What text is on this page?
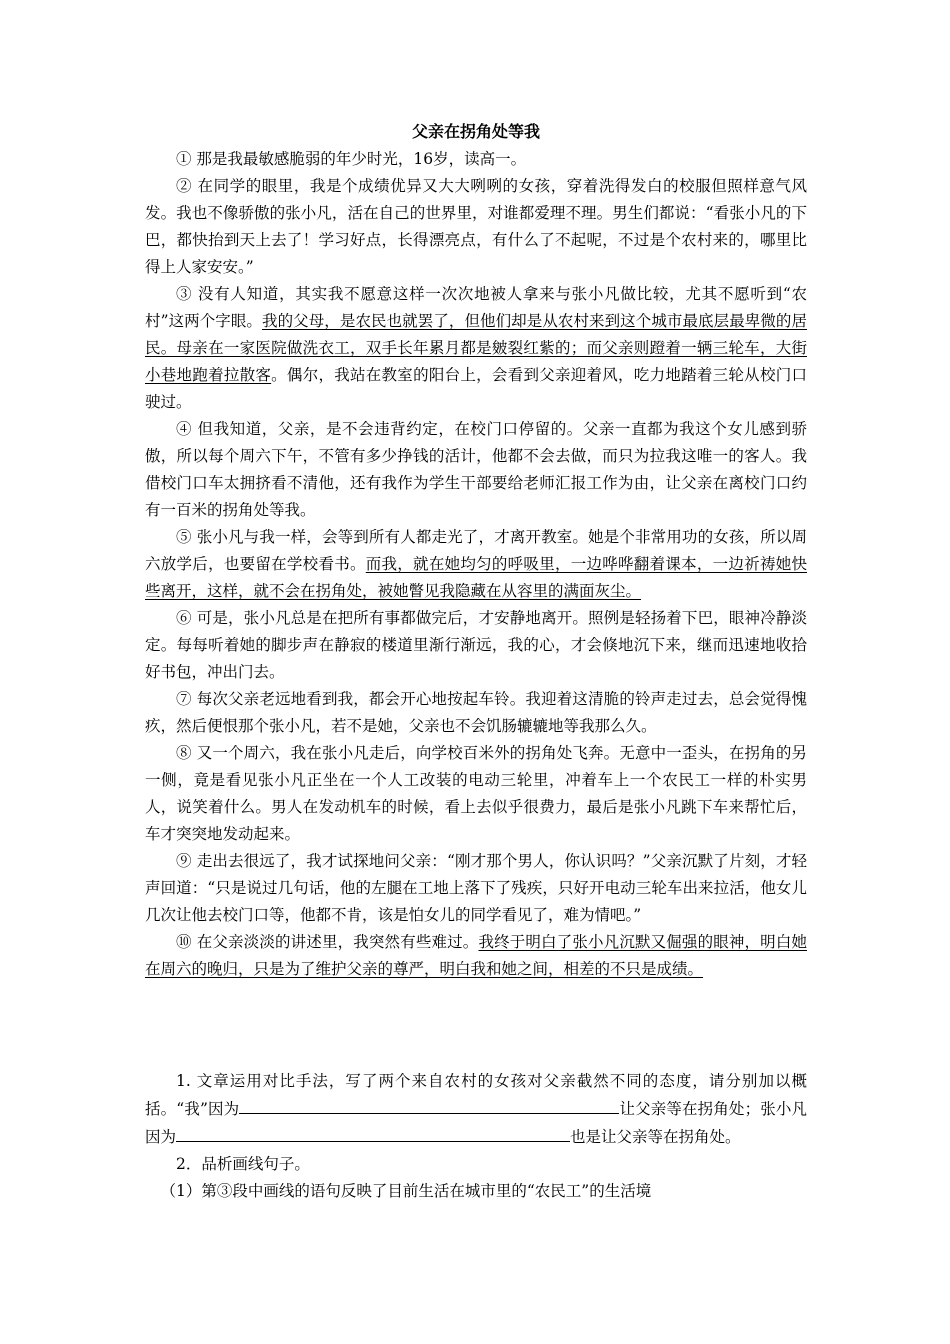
父亲在拐角处等我

① 那是我最敏感脆弱的年少时光，16岁，读高一。

② 在同学的眼里，我是个成绩优异又大大咧咧的女孩，穿着洗得发白的校服但照样意气风发。我也不像骄傲的张小凡，活在自己的世界里，对谁都爱理不理。男生们都说：“看张小凡的下巴，都快抬到天上去了！学习好点，长得漂亮点，有什么了不起呢，不过是个农村来的，哪里比得上人家安安。”

③ 没有人知道，其实我不愿意这样一次次地被人拿来与张小凡做比较，尤其不愿听到“农村”这两个字眼。我的父母，是农民也就罢了，但他们却是从农村来到这个城市最底层最卑微的居民。母亲在一家医院做洗衣工，双手长年累月都是皴裂红紫的；而父亲则蹬着一辆三轮车，大街小巷地跑着拉散客。偶尔，我站在教室的阳台上，会看到父亲迎着风，吃力地踏着三轮从校门口驶过。

④ 但我知道，父亲，是不会违背约定，在校门口停留的。父亲一直都为我这个女儿感到骄傲，所以每个周六下午，不管有多少挣钱的活计，他都不会去做，而只为拉我这唯一的客人。我借校门口车太拥挤看不清他，还有我作为学生干部要给老师汇报工作为由，让父亲在离校门口约有一百米的拐角处等我。

⑤ 张小凡与我一样，会等到所有人都走光了，才离开教室。她是个非常用功的女孩，所以周六放学后，也要留在学校看书。而我，就在她均匀的呼吸里，一边哗哗翻着课本，一边祈祷她快些离开，这样，就不会在拐角处，被她瞥见我隐藏在从容里的满面灰尘。

⑥ 可是，张小凡总是在把所有事都做完后，才安静地离开。照例是轻扬着下巴，眼神冷静淡定。每每听着她的脚步声在静寂的楼道里渐行渐远，我的心，才会倏地沉下来，继而迅速地收拾好书包，冲出门去。

⑦ 每次父亲老远地看到我，都会开心地按起车铃。我迎着这清脆的铃声走过去，总会觉得愧疚，然后便恨那个张小凡，若不是她，父亲也不会饥肠辘辘地等我那么久。

⑧ 又一个周六，我在张小凡走后，向学校百米外的拐角处飞奔。无意中一歪头，在拐角的另一侧，竟是看见张小凡正坐在一个人工改装的电动三轮里，冲着车上一个农民工一样的朴实男人，说笑着什么。男人在发动机车的时候，看上去似乎很费力，最后是张小凡跳下车来帮忙后，车才突突地发动起来。

⑨ 走出去很远了，我才试探地问父亲：“刚才那个男人，你认识吗？”父亲沉默了片刻，才轻声回道：“只是说过几句话，他的左腿在工地上落下了残疾，只好开电动三轮车出来拉活，他女儿几次让他去校门口等，他都不肯，该是怕女儿的同学看见了，难为情吧。”

⑩ 在父亲淡淡的讲述里，我突然有些难过。我终于明白了张小凡沉默又倔强的眼神，明白她在周六的晚归，只是为了维护父亲的尊严，明白我和她之间，相差的不只是成绩。

1. 文章运用对比手法，写了两个来自农村的女孩对父亲截然不同的态度，请分别加以概括。“我”因为	让父亲等在拐角处；张小凡因为	也是让父亲等在拐角处。

2．品析画线句子。

（1）第③段中画线的语句反映了目前生活在城市里的“农民工”的生活境
